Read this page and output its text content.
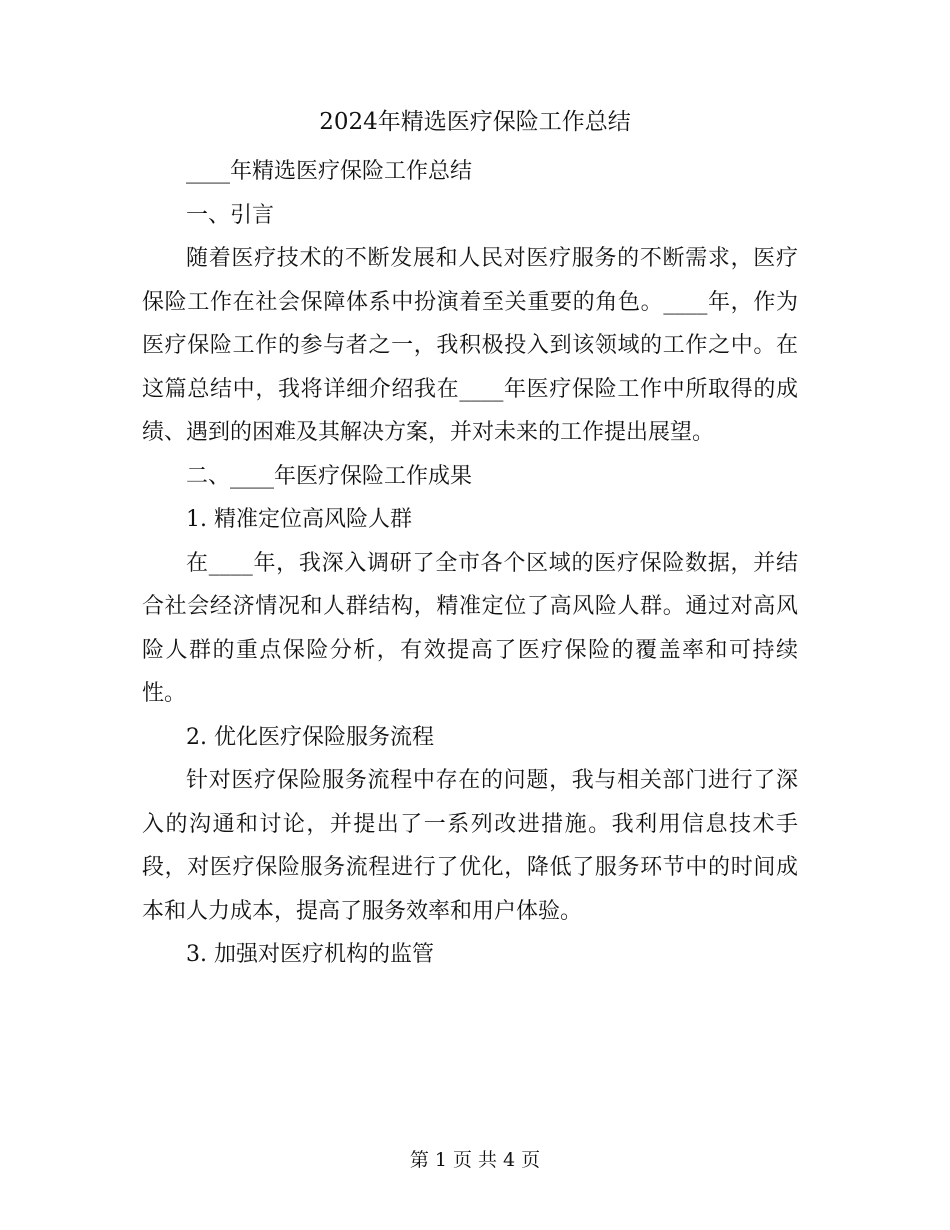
2024年精选医疗保险工作总结

____年精选医疗保险工作总结

一、引言

随着医疗技术的不断发展和人民对医疗服务的不断需求，医疗保险工作在社会保障体系中扮演着至关重要的角色。____年，作为医疗保险工作的参与者之一，我积极投入到该领域的工作之中。在这篇总结中，我将详细介绍我在____年医疗保险工作中所取得的成绩、遇到的困难及其解决方案，并对未来的工作提出展望。

二、____年医疗保险工作成果

1. 精准定位高风险人群

在____年，我深入调研了全市各个区域的医疗保险数据，并结合社会经济情况和人群结构，精准定位了高风险人群。通过对高风险人群的重点保险分析，有效提高了医疗保险的覆盖率和可持续性。

2. 优化医疗保险服务流程

针对医疗保险服务流程中存在的问题，我与相关部门进行了深入的沟通和讨论，并提出了一系列改进措施。我利用信息技术手段，对医疗保险服务流程进行了优化，降低了服务环节中的时间成本和人力成本，提高了服务效率和用户体验。

3. 加强对医疗机构的监管

第 1 页 共 4 页
